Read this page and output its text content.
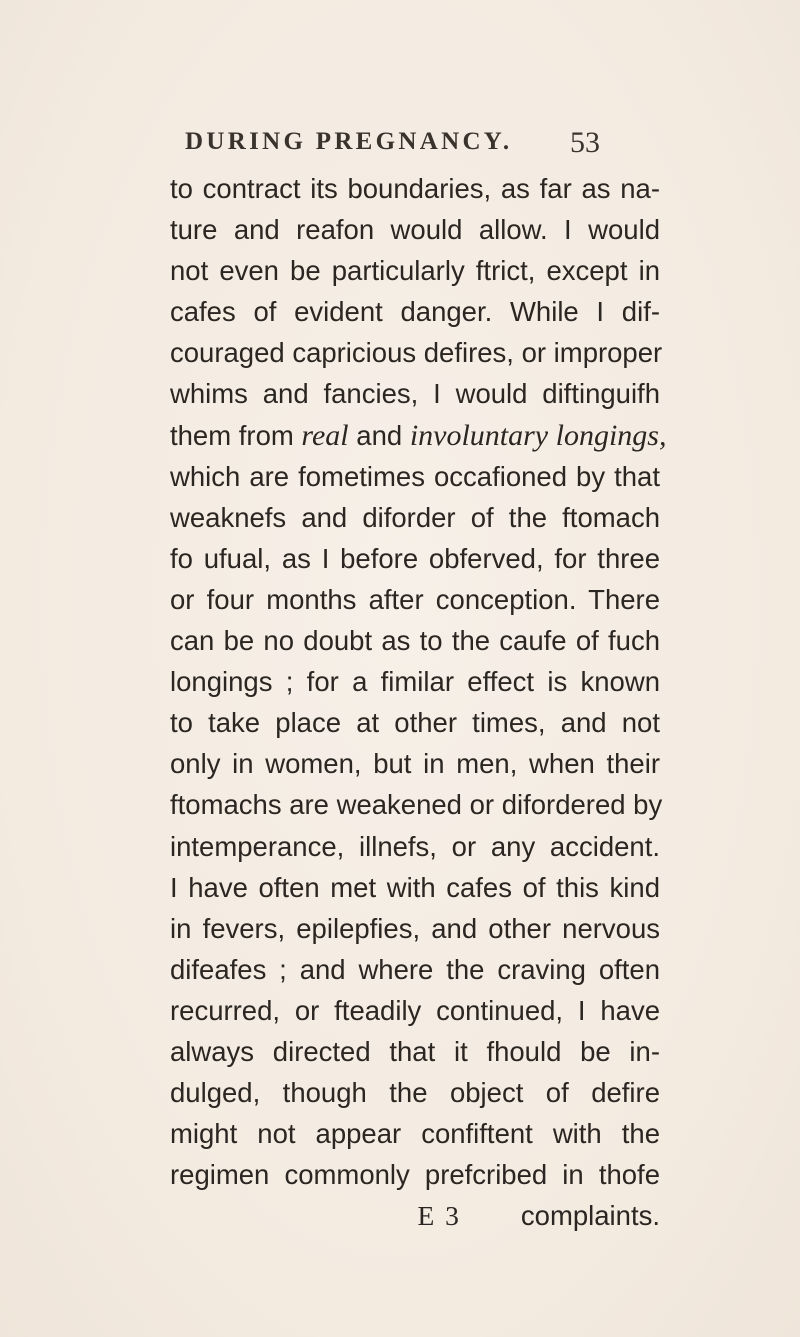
DURING PREGNANCY. 53
to contract its boundaries, as far as na-
ture and reafon would allow. I would
not even be particularly ftrict, except in
cafes of evident danger. While I dif-
couraged capricious defires, or improper
whims and fancies, I would diftinguifh
them from real and involuntary longings,
which are fometimes occafioned by that
weaknefs and diforder of the ftomach
fo ufual, as I before obferved, for three
or four months after conception. There
can be no doubt as to the caufe of fuch
longings ; for a fimilar effect is known
to take place at other times, and not
only in women, but in men, when their
ftomachs are weakened or difordered by
intemperance, illnefs, or any accident.
I have often met with cafes of this kind
in fevers, epilepfies, and other nervous
difeafes ; and where the craving often
recurred, or fteadily continued, I have
always directed that it fhould be in-
dulged, though the object of defire
might not appear confiftent with the
regimen commonly prefcribed in thofe
E 3 complaints.
